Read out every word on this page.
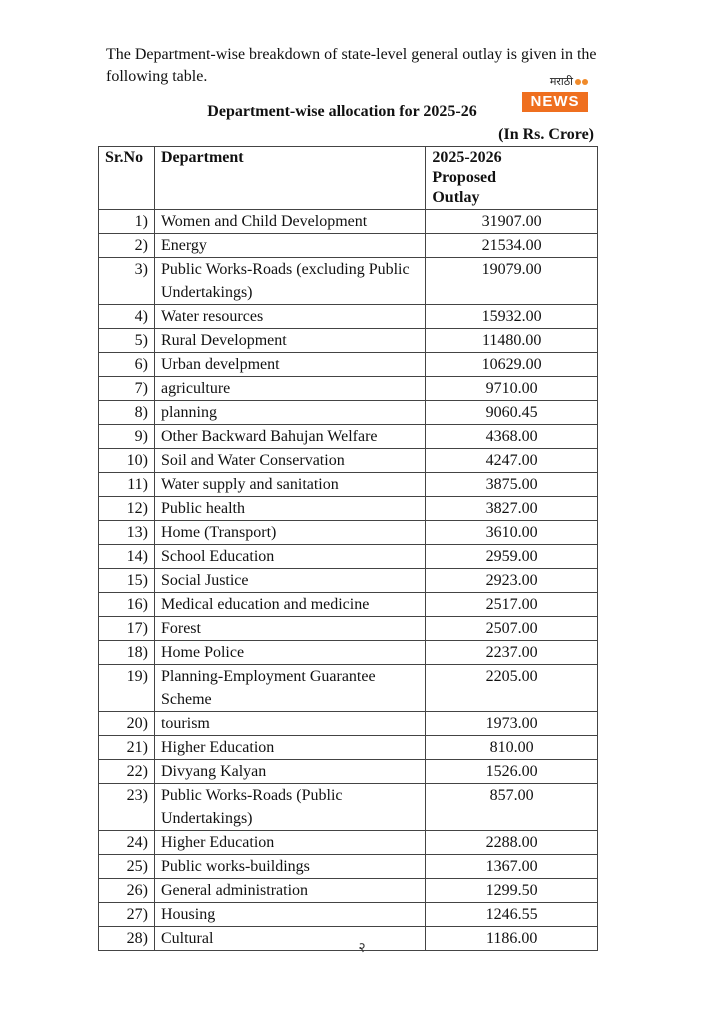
The Department-wise breakdown of state-level general outlay is given in the following table.	मराठी
NEWS
Department-wise allocation for 2025-26
(In Rs. Crore)
Sr.No	Department	2025-2026
Proposed
Outlay

1)	Women and Child Development	31907.00
2)	Energy	21534.00
3)	Public Works-Roads (excluding Public Undertakings)	19079.00
4)	Water resources	15932.00
5)	Rural Development	11480.00
6)	Urban develpment	10629.00
7)	agriculture	9710.00
8)	planning	9060.45
9)	Other Backward Bahujan Welfare	4368.00
10)	Soil and Water Conservation	4247.00
11)	Water supply and sanitation	3875.00
12)	Public health	3827.00
13)	Home (Transport)	3610.00
14)	School Education	2959.00
15)	Social Justice	2923.00
16)	Medical education and medicine	2517.00
17)	Forest	2507.00
18)	Home Police	2237.00
19)	Planning-Employment Guarantee Scheme	2205.00
20)	tourism	1973.00
21)	Higher Education	810.00
22)	Divyang Kalyan	1526.00
23)	Public Works-Roads (Public Undertakings)	857.00
24)	Higher Education	2288.00
25)	Public works-buildings	1367.00
26)	General administration	1299.50
27)	Housing	1246.55
28)	Cultural	1186.00
२
